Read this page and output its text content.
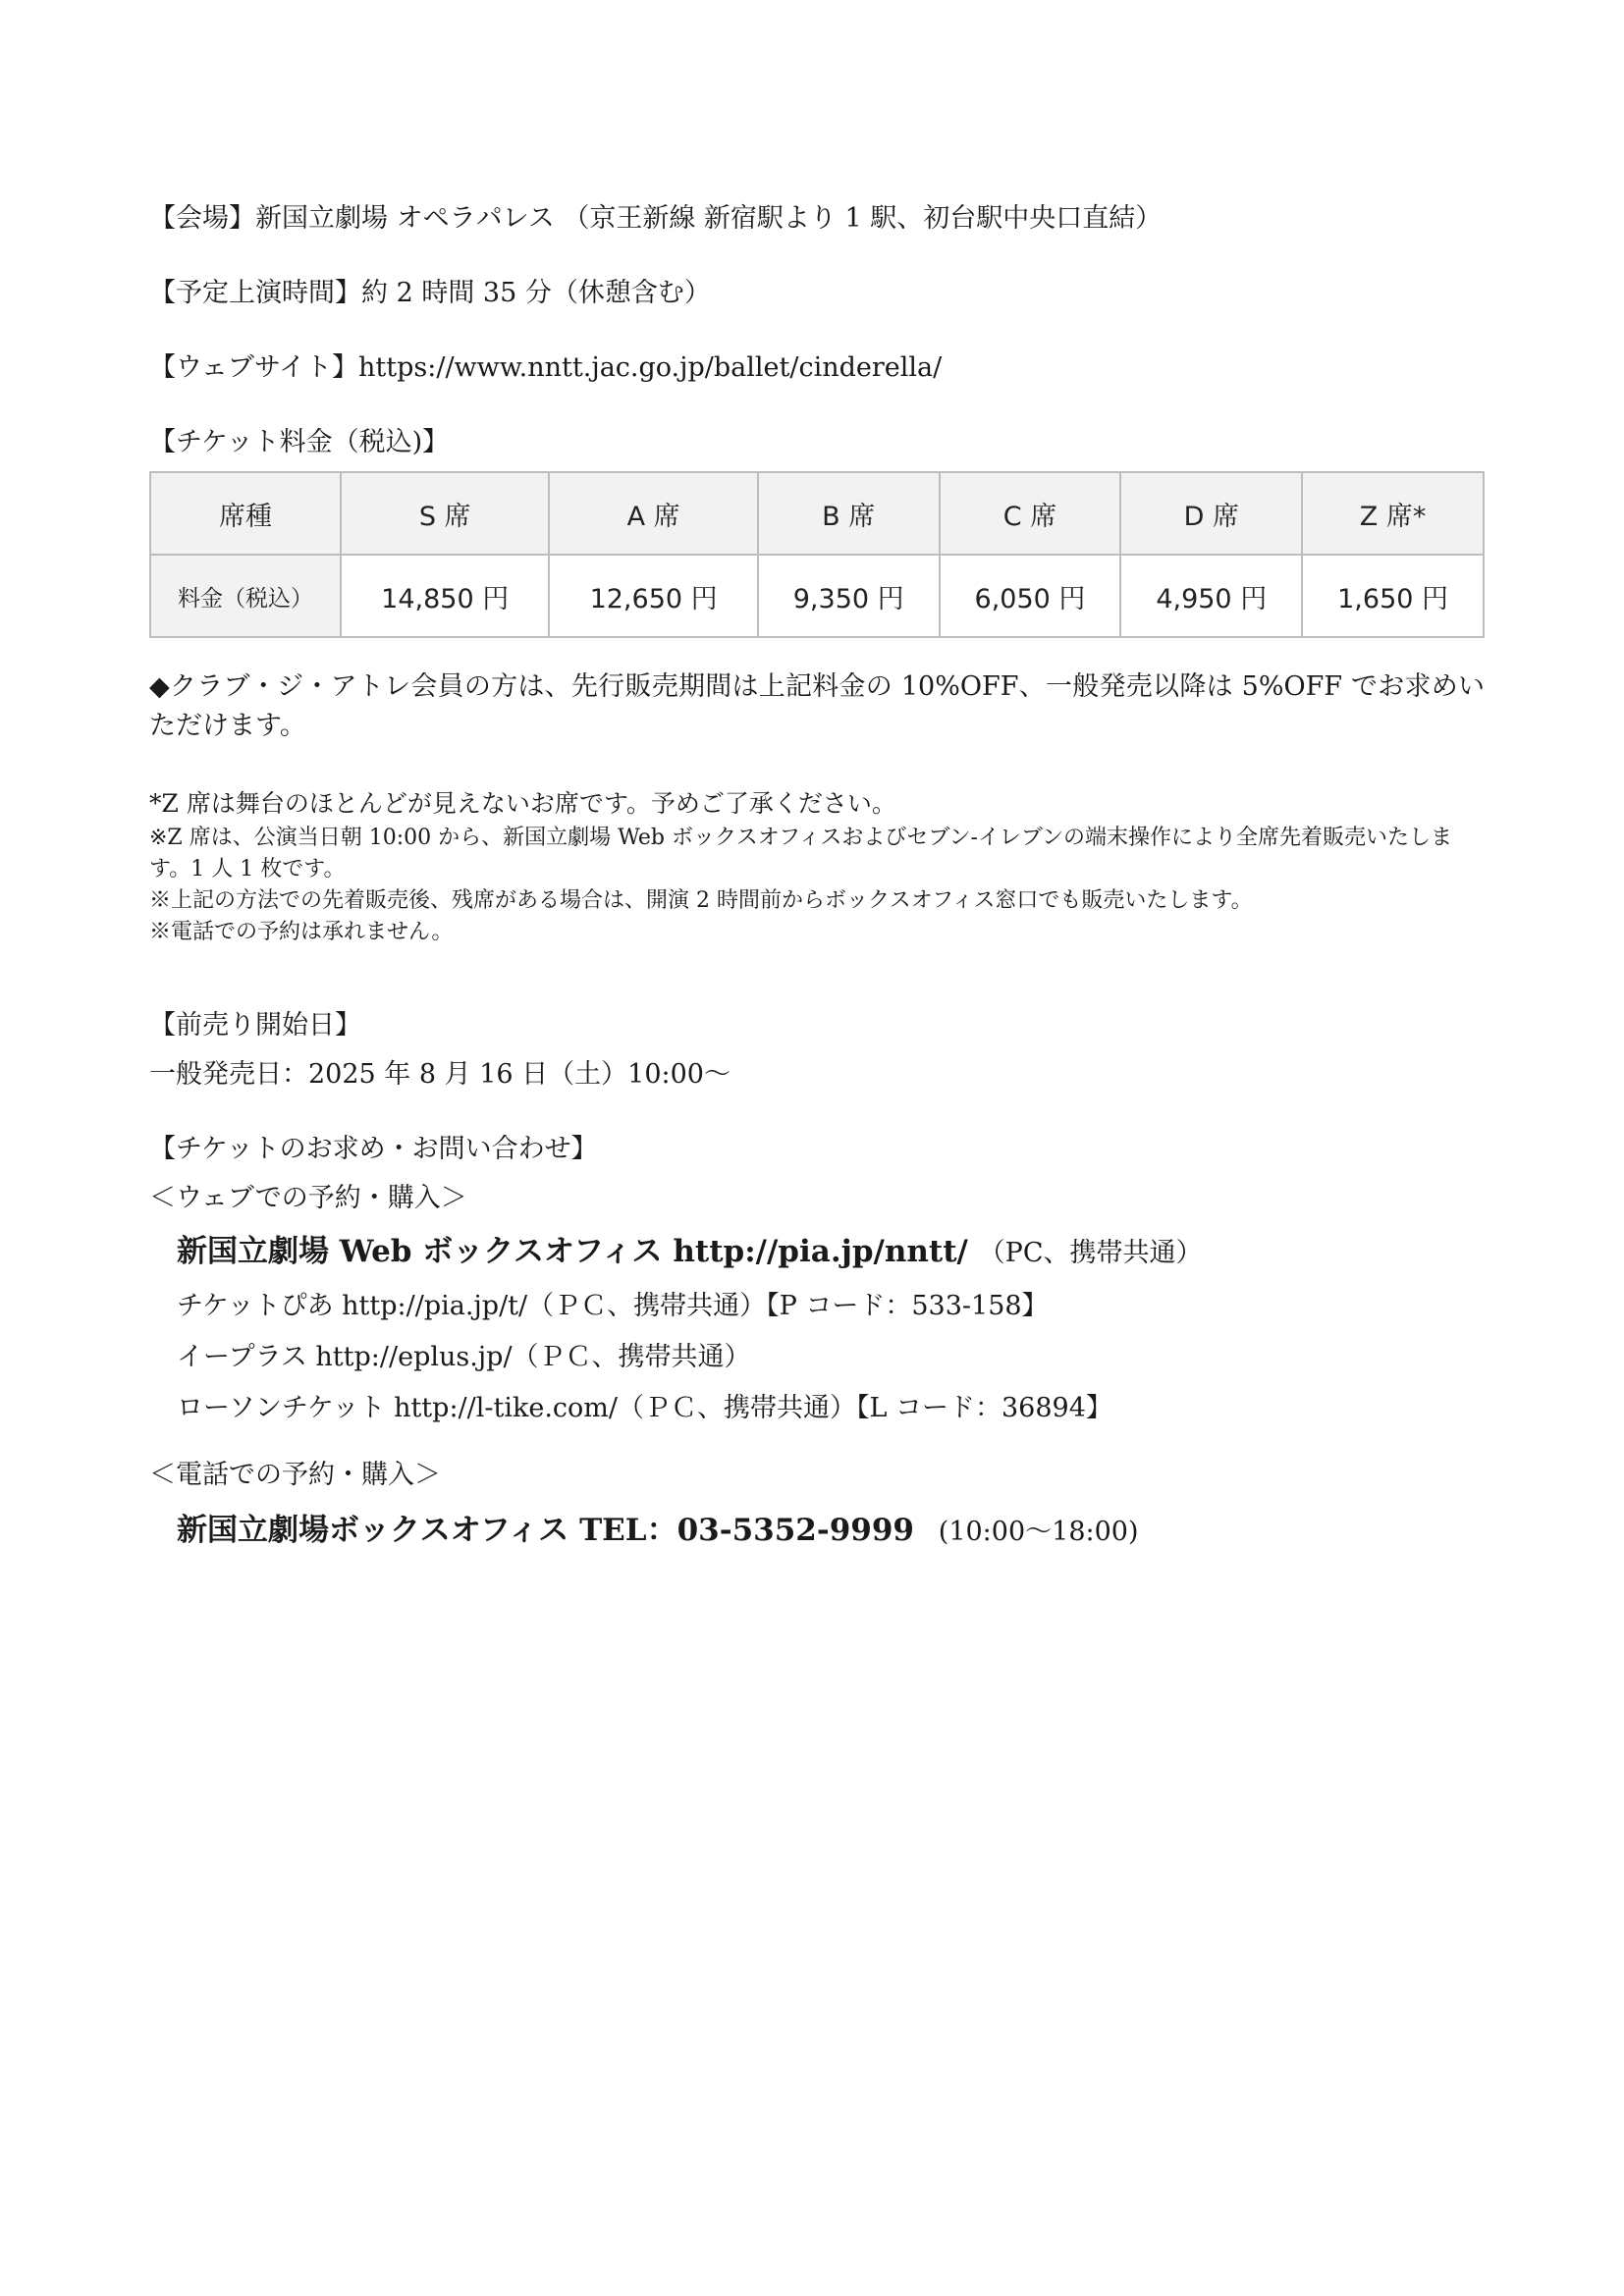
【会場】新国立劇場 オペラパレス （京王新線 新宿駅より 1 駅、初台駅中央口直結）
【予定上演時間】約 2 時間 35 分（休憩含む）
【ウェブサイト】https://www.nntt.jac.go.jp/ballet/cinderella/
【チケット料金（税込)】
席種	S 席	A 席	B 席	C 席	D 席	Z 席*
料金（税込）	14,850 円	12,650 円	9,350 円	6,050 円	4,950 円	1,650 円
◆クラブ・ジ・アトレ会員の方は、先行販売期間は上記料金の 10%OFF、一般発売以降は 5%OFF でお求めいただけます。
*Z 席は舞台のほとんどが見えないお席です。予めご了承ください。
※Z 席は、公演当日朝 10:00 から、新国立劇場 Web ボックスオフィスおよびセブン-イレブンの端末操作により全席先着販売いたします。1 人 1 枚です。
※上記の方法での先着販売後、残席がある場合は、開演 2 時間前からボックスオフィス窓口でも販売いたします。
※電話での予約は承れません。
【前売り開始日】
一般発売日：2025 年 8 月 16 日（土）10:00～
【チケットのお求め・お問い合わせ】
＜ウェブでの予約・購入＞
新国立劇場 Web ボックスオフィス http://pia.jp/nntt/ （PC、携帯共通）
チケットぴあ http://pia.jp/t/（ＰＣ、携帯共通）【P コード：533-158】
イープラス http://eplus.jp/（ＰＣ、携帯共通）
ローソンチケット http://l-tike.com/（ＰＣ、携帯共通）【L コード：36894】
＜電話での予約・購入＞
新国立劇場ボックスオフィス TEL：03-5352-9999 (10:00～18:00)
